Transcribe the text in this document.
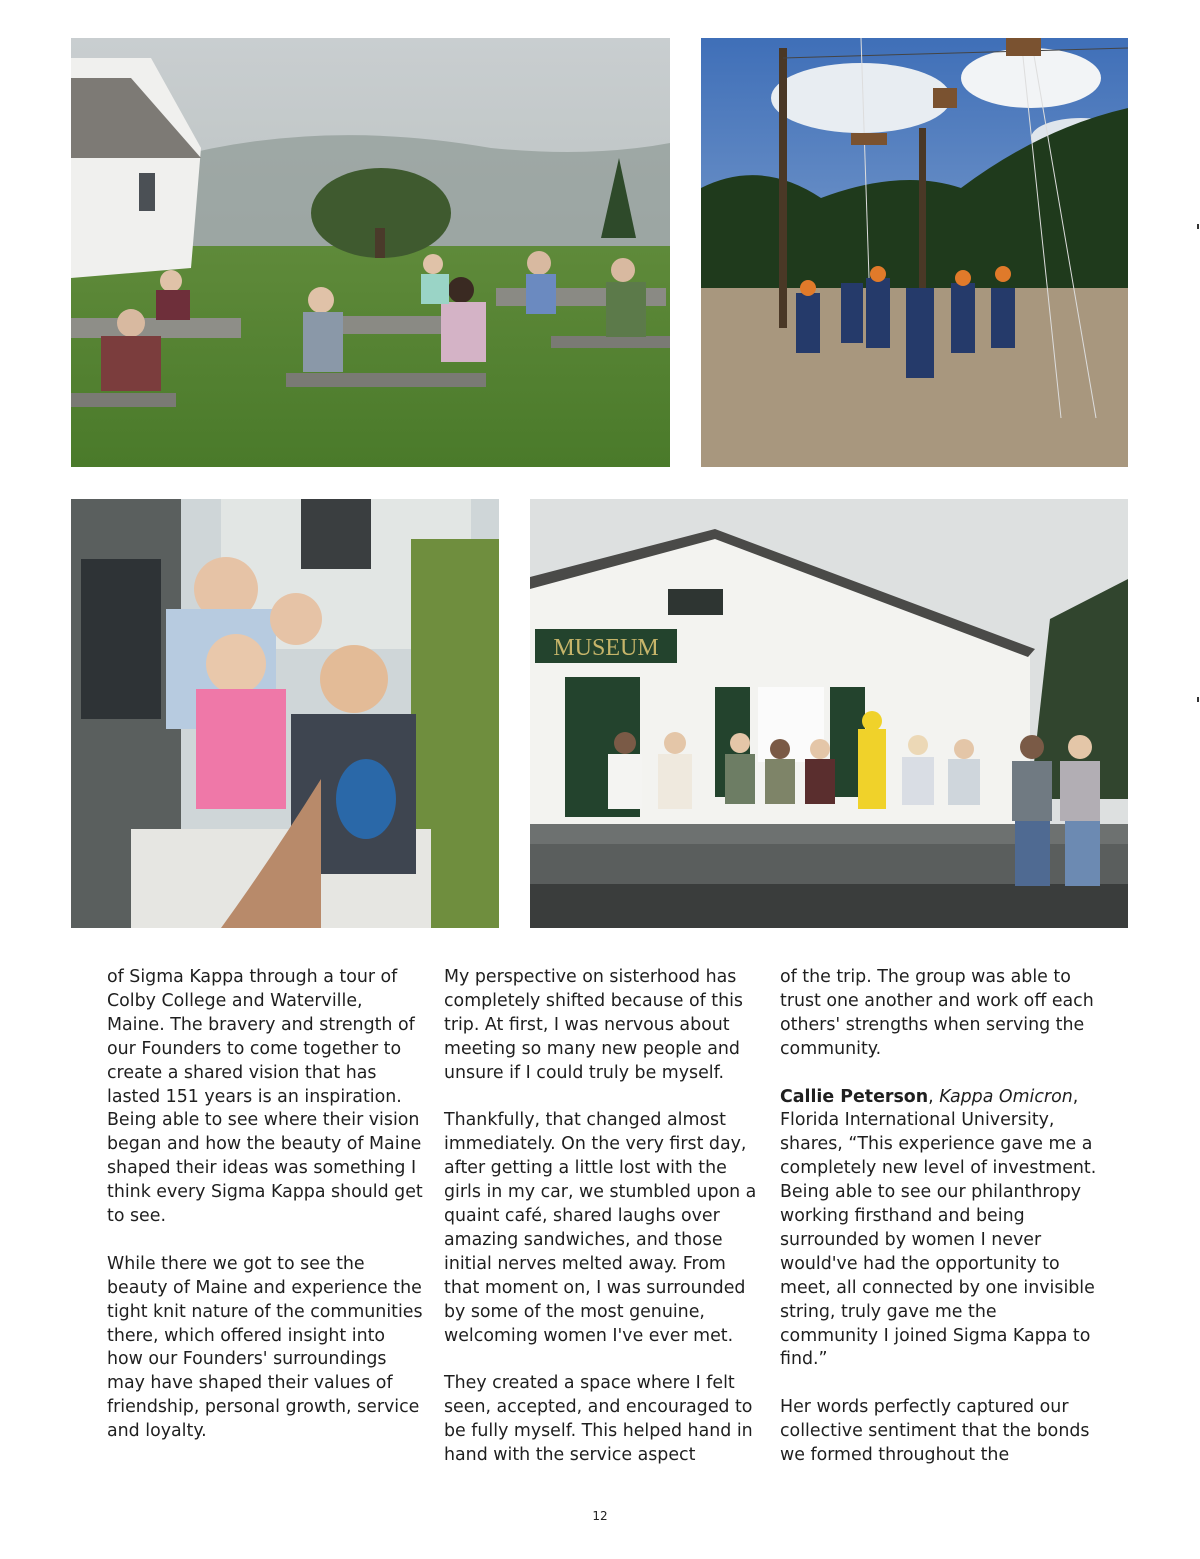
MUSEUM

of Sigma Kappa through a tour of Colby College and Waterville, Maine. The bravery and strength of our Founders to come together to create a shared vision that has lasted 151 years is an inspiration. Being able to see where their vision began and how the beauty of Maine shaped their ideas was something I think every Sigma Kappa should get to see.

While there we got to see the beauty of Maine and experience the tight knit nature of the communities there, which offered insight into how our Founders' surroundings may have shaped their values of friendship, personal growth, service and loyalty.

My perspective on sisterhood has completely shifted because of this trip. At first, I was nervous about meeting so many new people and unsure if I could truly be myself.

Thankfully, that changed almost immediately. On the very first day, after getting a little lost with the girls in my car, we stumbled upon a quaint café, shared laughs over amazing sandwiches, and those initial nerves melted away. From that moment on, I was surrounded by some of the most genuine, welcoming women I've ever met.

They created a space where I felt seen, accepted, and encouraged to be fully myself. This helped hand in hand with the service aspect

of the trip. The group was able to trust one another and work off each others' strengths when serving the community.

Callie Peterson, Kappa Omicron, Florida International University, shares, “This experience gave me a completely new level of investment. Being able to see our philanthropy working firsthand and being surrounded by women I never would've had the opportunity to meet, all connected by one invisible string, truly gave me the community I joined Sigma Kappa to find.”

Her words perfectly captured our collective sentiment that the bonds we formed throughout the

12
